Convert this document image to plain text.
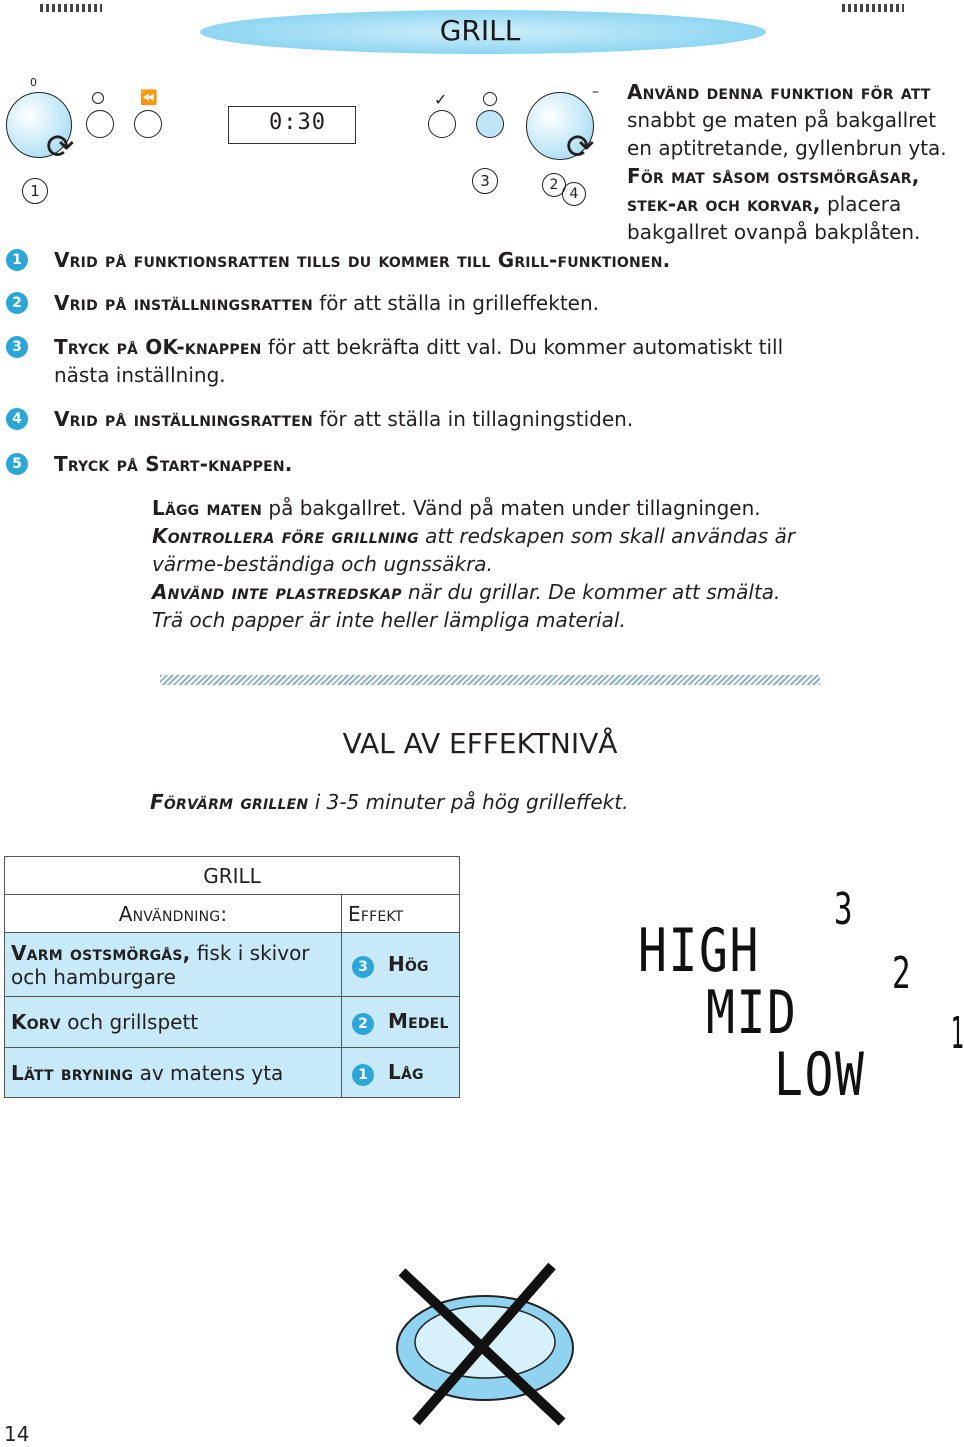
GRILL
0
⟳
⏪
0:30
✓
⟳
–
1
3	2
4
Använd denna funktion för att snabbt ge maten på bakgallret en aptitretande, gyllenbrun yta. För mat såsom ostsmörgåsar, stek-ar och korvar, placera bakgallret ovanpå bakplåten.
1	Vrid på funktionsratten tills du kommer till Grill-funktionen.
2	Vrid på inställningsratten för att ställa in grilleffekten.
3	Tryck på OK-knappen för att bekräfta ditt val. Du kommer automatiskt till nästa inställning.
4	Vrid på inställningsratten för att ställa in tillagningstiden.
5	Tryck på Start-knappen.
Lägg maten på bakgallret. Vänd på maten under tillagningen.
Kontrollera före grillning att redskapen som skall användas är värme-beständiga och ugnssäkra.
Använd inte plastredskap när du grillar. De kommer att smälta. Trä och papper är inte heller lämpliga material.
VAL AV EFFEKTNIVÅ
Förvärm grillen i 3-5 minuter på hög grilleffekt.
GRILL	
Användning:	Effekt
Varm ostsmörgås, fisk i skivor och hamburgare	3 Hög
Korv och grillspett	2 Medel
Lätt bryning av matens yta	1 Låg
3
HIGH	2
MID	1
LOW
14
